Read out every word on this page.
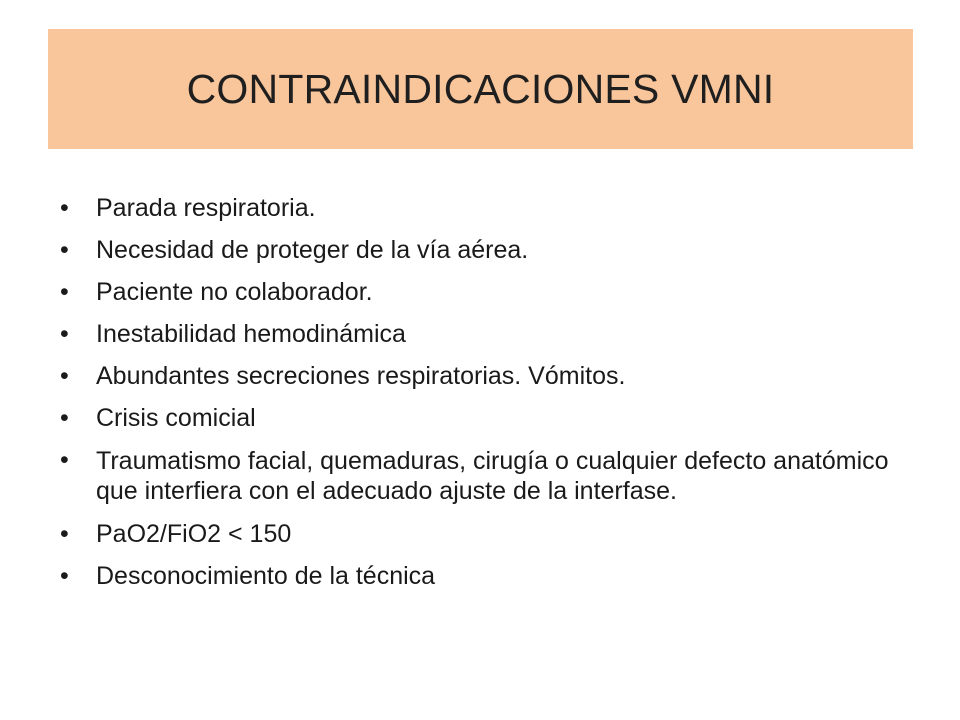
CONTRAINDICACIONES VMNI
• Parada respiratoria.
• Necesidad de proteger de la vía aérea.
• Paciente no colaborador.
• Inestabilidad hemodinámica
• Abundantes secreciones respiratorias. Vómitos.
• Crisis comicial
• Traumatismo facial, quemaduras, cirugía o cualquier defecto anatómico que interfiera con el adecuado ajuste de la interfase.
• PaO2/FiO2 < 150
• Desconocimiento de la técnica
